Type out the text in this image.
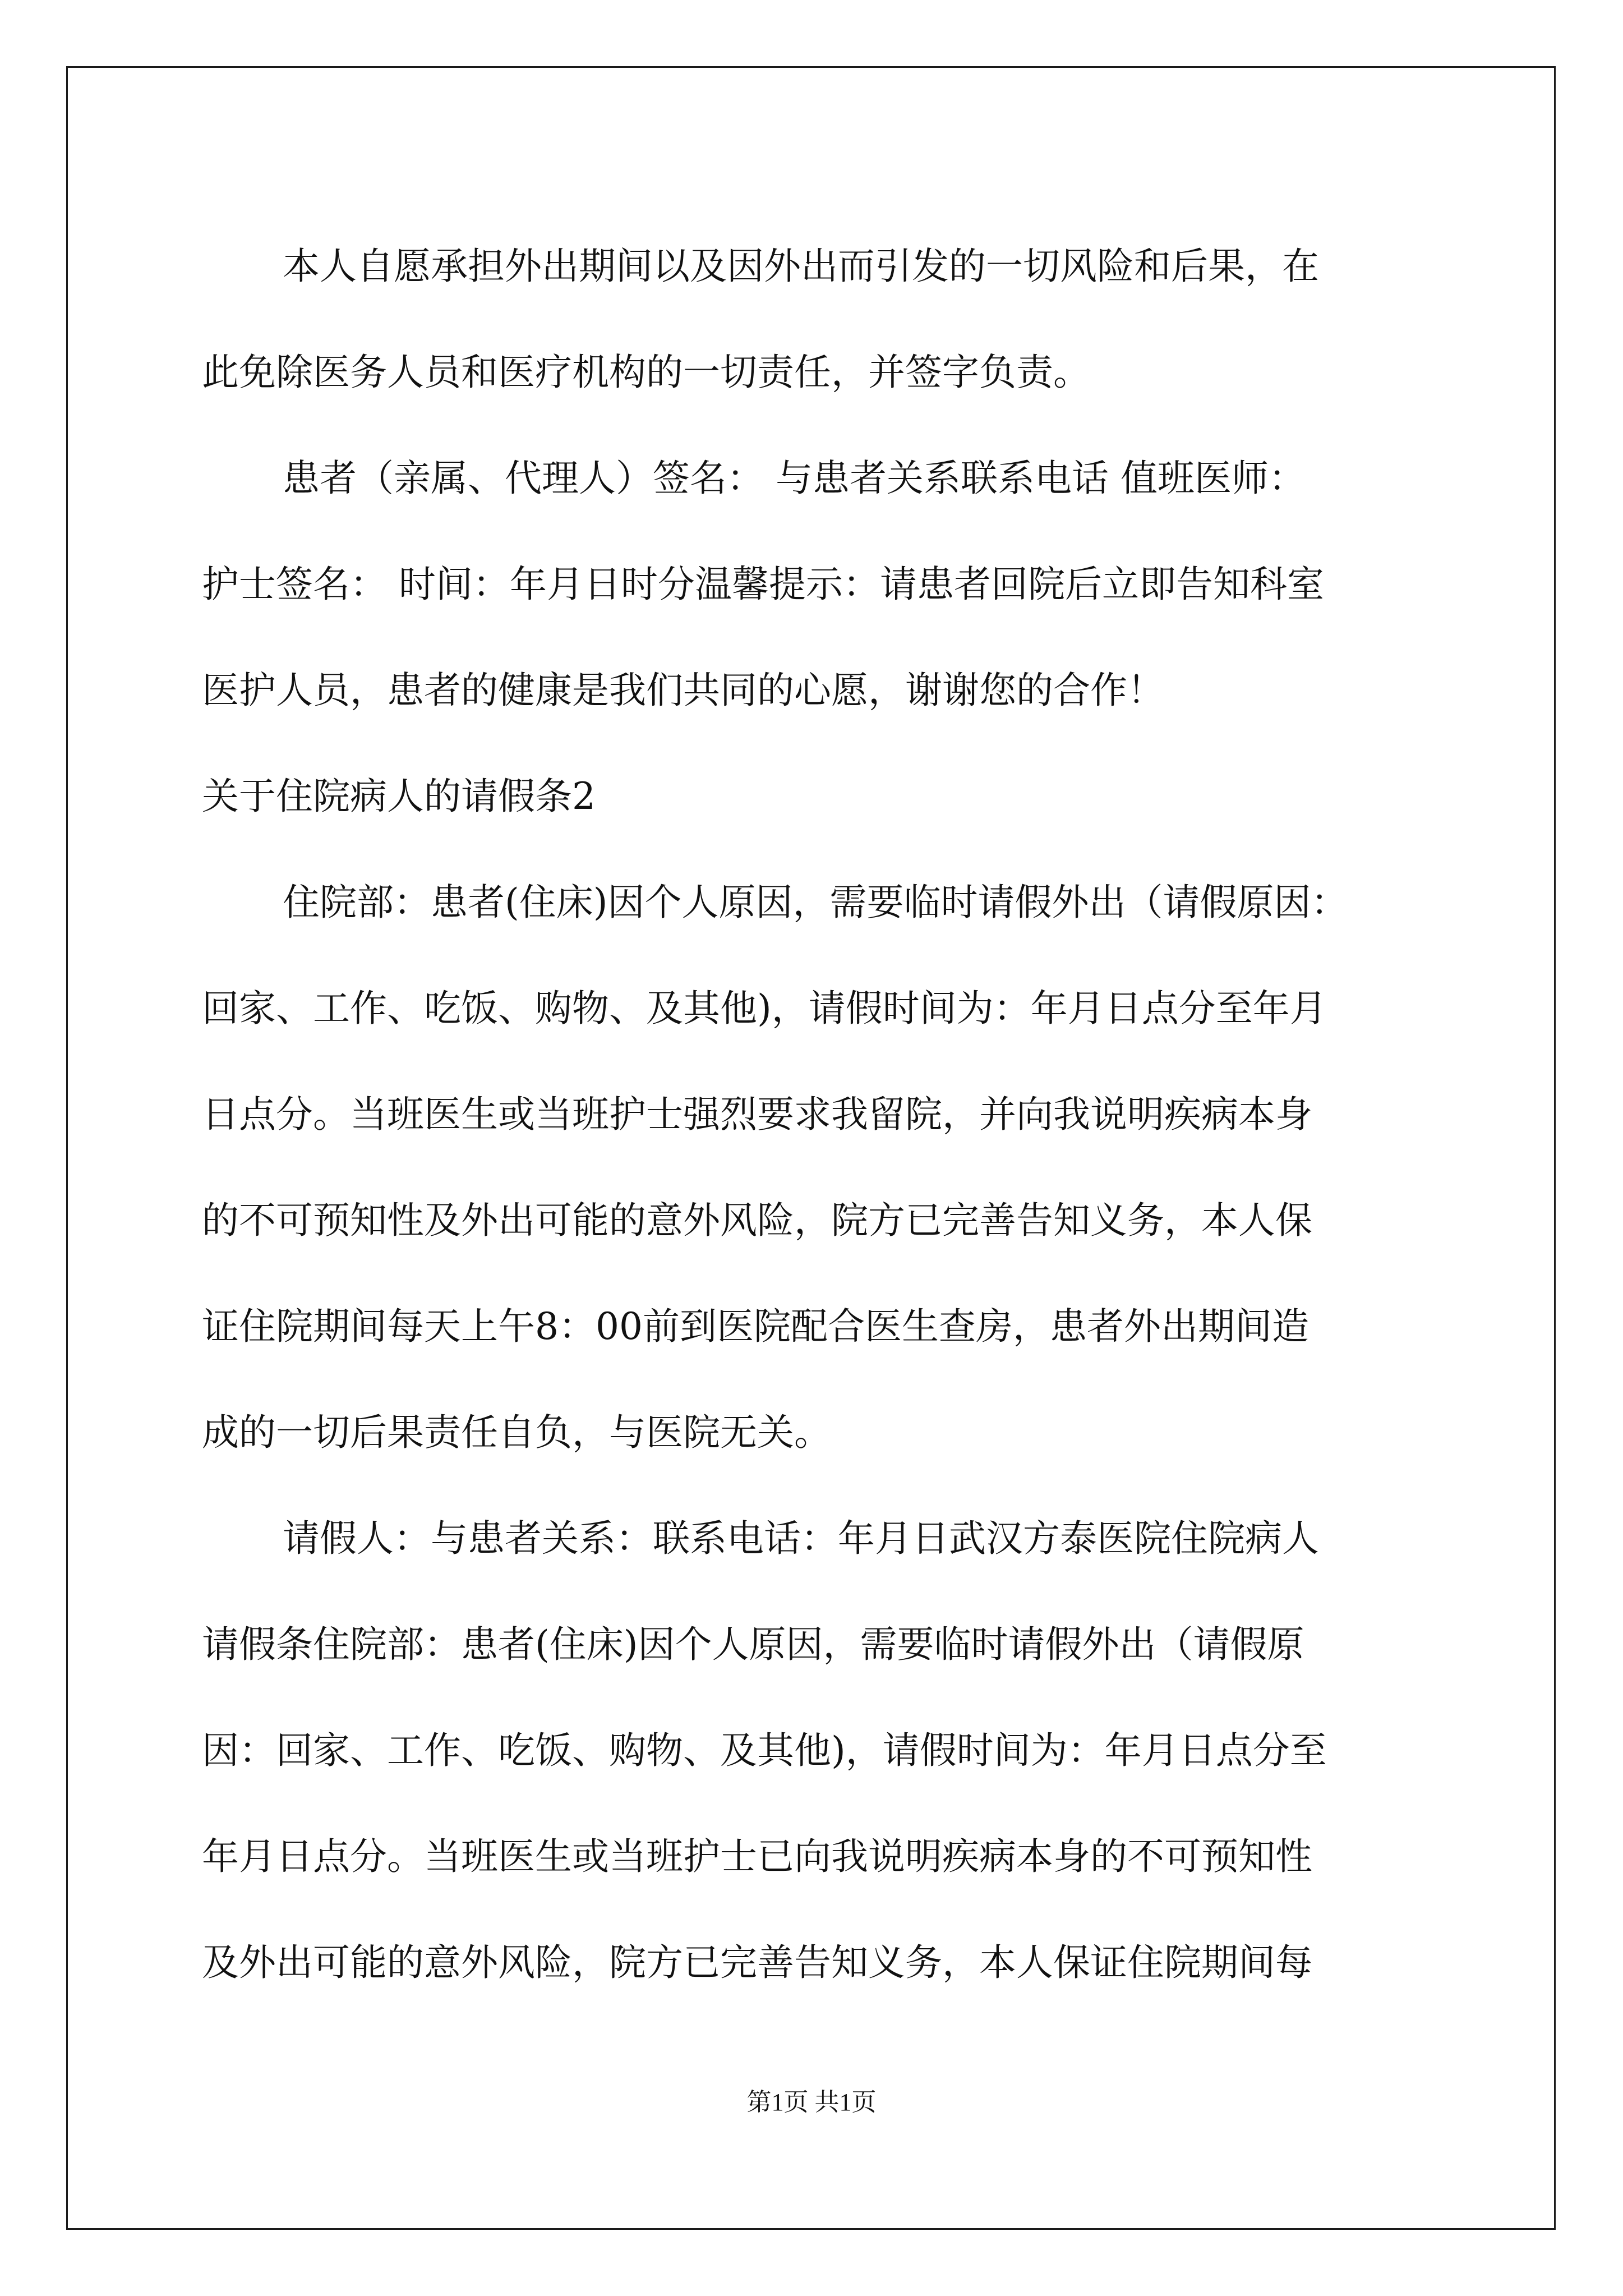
本人自愿承担外出期间以及因外出而引发的一切风险和后果，在
此免除医务人员和医疗机构的一切责任，并签字负责。
患者（亲属、代理人）签名： 与患者关系联系电话 值班医师：
护士签名： 时间：年月日时分温馨提示：请患者回院后立即告知科室
医护人员，患者的健康是我们共同的心愿，谢谢您的合作！
关于住院病人的请假条2
住院部：患者(住床)因个人原因，需要临时请假外出（请假原因：
回家、工作、吃饭、购物、及其他)，请假时间为：年月日点分至年月
日点分。当班医生或当班护士强烈要求我留院，并向我说明疾病本身
的不可预知性及外出可能的意外风险，院方已完善告知义务，本人保
证住院期间每天上午8：00前到医院配合医生查房，患者外出期间造
成的一切后果责任自负，与医院无关。
请假人：与患者关系：联系电话：年月日武汉方泰医院住院病人
请假条住院部：患者(住床)因个人原因，需要临时请假外出（请假原
因：回家、工作、吃饭、购物、及其他)，请假时间为：年月日点分至
年月日点分。当班医生或当班护士已向我说明疾病本身的不可预知性
及外出可能的意外风险，院方已完善告知义务，本人保证住院期间每
第1页 共1页
